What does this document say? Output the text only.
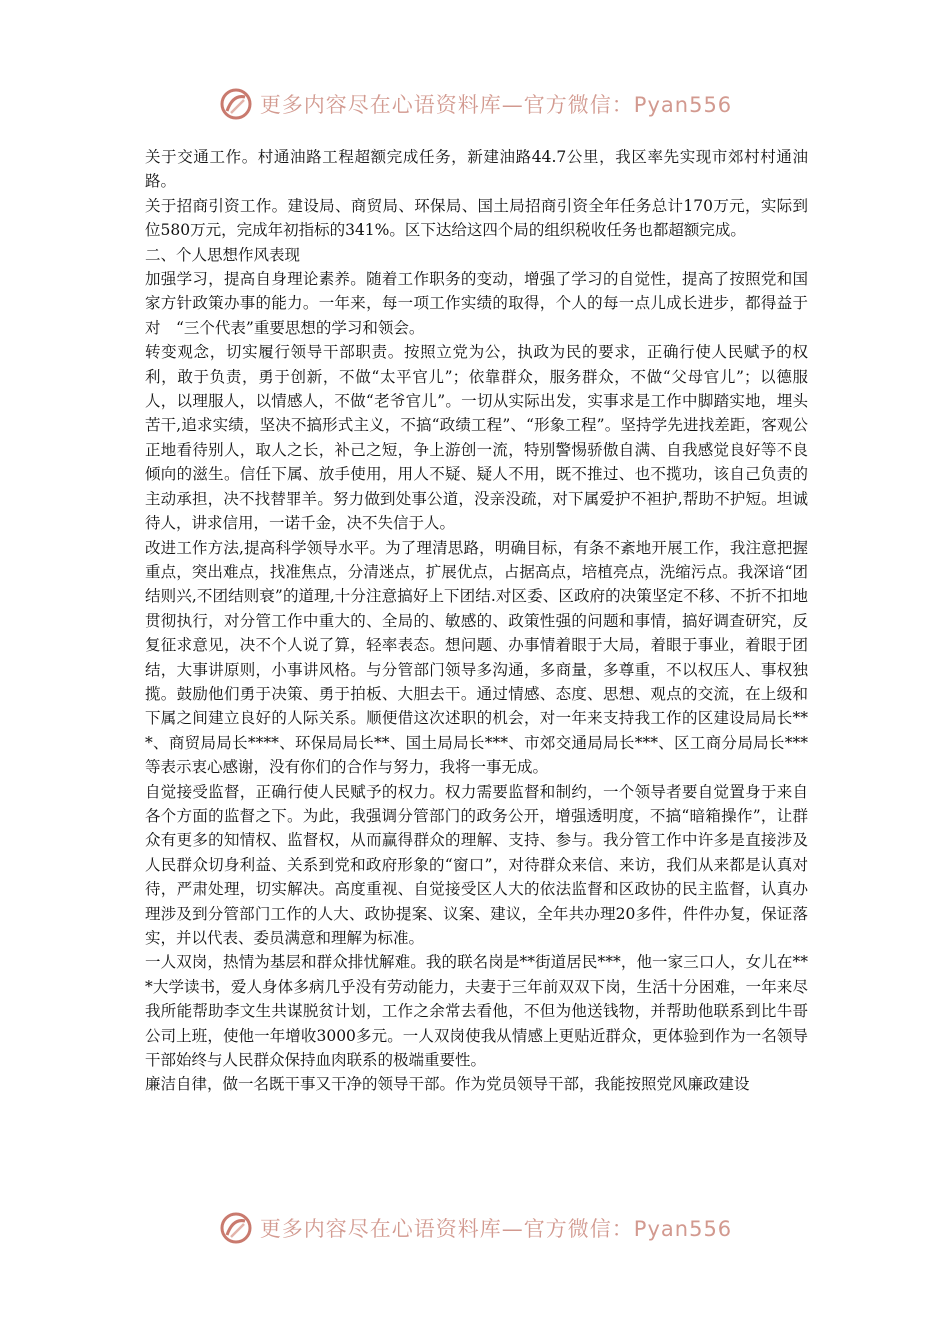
更多内容尽在心语资料库—官方微信：Pyan556

关于交通工作。村通油路工程超额完成任务，新建油路44.7公里，我区率先实现市郊村村通油路。

关于招商引资工作。建设局、商贸局、环保局、国土局招商引资全年任务总计170万元，实际到位580万元，完成年初指标的341%。区下达给这四个局的组织税收任务也都超额完成。

二、个人思想作风表现

加强学习，提高自身理论素养。随着工作职务的变动，增强了学习的自觉性，提高了按照党和国家方针政策办事的能力。一年来，每一项工作实绩的取得，个人的每一点儿成长进步，都得益于对　“三个代表”重要思想的学习和领会。

转变观念，切实履行领导干部职责。按照立党为公，执政为民的要求，正确行使人民赋予的权利，敢于负责，勇于创新，不做“太平官儿”；依靠群众，服务群众，不做“父母官儿”；以德服人，以理服人，以情感人，不做“老爷官儿”。一切从实际出发，实事求是工作中脚踏实地，埋头苦干,追求实绩，坚决不搞形式主义，不搞“政绩工程”、“形象工程”。坚持学先进找差距，客观公正地看待别人，取人之长，补己之短，争上游创一流，特别警惕骄傲自满、自我感觉良好等不良倾向的滋生。信任下属、放手使用，用人不疑、疑人不用，既不推过、也不揽功，该自己负责的主动承担，决不找替罪羊。努力做到处事公道，没亲没疏，对下属爱护不袒护,帮助不护短。坦诚待人，讲求信用，一诺千金，决不失信于人。

改进工作方法,提高科学领导水平。为了理清思路，明确目标，有条不紊地开展工作，我注意把握重点，突出难点，找准焦点，分清迷点，扩展优点，占据高点，培植亮点，洗缩污点。我深谙“团结则兴,不团结则衰”的道理,十分注意搞好上下团结.对区委、区政府的决策坚定不移、不折不扣地贯彻执行，对分管工作中重大的、全局的、敏感的、政策性强的问题和事情，搞好调查研究，反复征求意见，决不个人说了算，轻率表态。想问题、办事情着眼于大局，着眼于事业，着眼于团结，大事讲原则，小事讲风格。与分管部门领导多沟通，多商量，多尊重，不以权压人、事权独揽。鼓励他们勇于决策、勇于拍板、大胆去干。通过情感、态度、思想、观点的交流，在上级和下属之间建立良好的人际关系。顺便借这次述职的机会，对一年来支持我工作的区建设局局长***、商贸局局长****、环保局局长**、国土局局长***、市郊交通局局长***、区工商分局局长***等表示衷心感谢，没有你们的合作与努力，我将一事无成。

自觉接受监督，正确行使人民赋予的权力。权力需要监督和制约，一个领导者要自觉置身于来自各个方面的监督之下。为此，我强调分管部门的政务公开，增强透明度，不搞“暗箱操作”，让群众有更多的知情权、监督权，从而赢得群众的理解、支持、参与。我分管工作中许多是直接涉及人民群众切身利益、关系到党和政府形象的“窗口”，对待群众来信、来访，我们从来都是认真对待，严肃处理，切实解决。高度重视、自觉接受区人大的依法监督和区政协的民主监督，认真办理涉及到分管部门工作的人大、政协提案、议案、建议，全年共办理20多件，件件办复，保证落实，并以代表、委员满意和理解为标准。

一人双岗，热情为基层和群众排忧解难。我的联名岗是**街道居民***，他一家三口人，女儿在***大学读书，爱人身体多病几乎没有劳动能力，夫妻于三年前双双下岗，生活十分困难，一年来尽我所能帮助李文生共谋脱贫计划，工作之余常去看他，不但为他送钱物，并帮助他联系到比牛哥公司上班，使他一年增收3000多元。一人双岗使我从情感上更贴近群众，更体验到作为一名领导干部始终与人民群众保持血肉联系的极端重要性。

廉洁自律，做一名既干事又干净的领导干部。作为党员领导干部，我能按照党风廉政建设

更多内容尽在心语资料库—官方微信：Pyan556
